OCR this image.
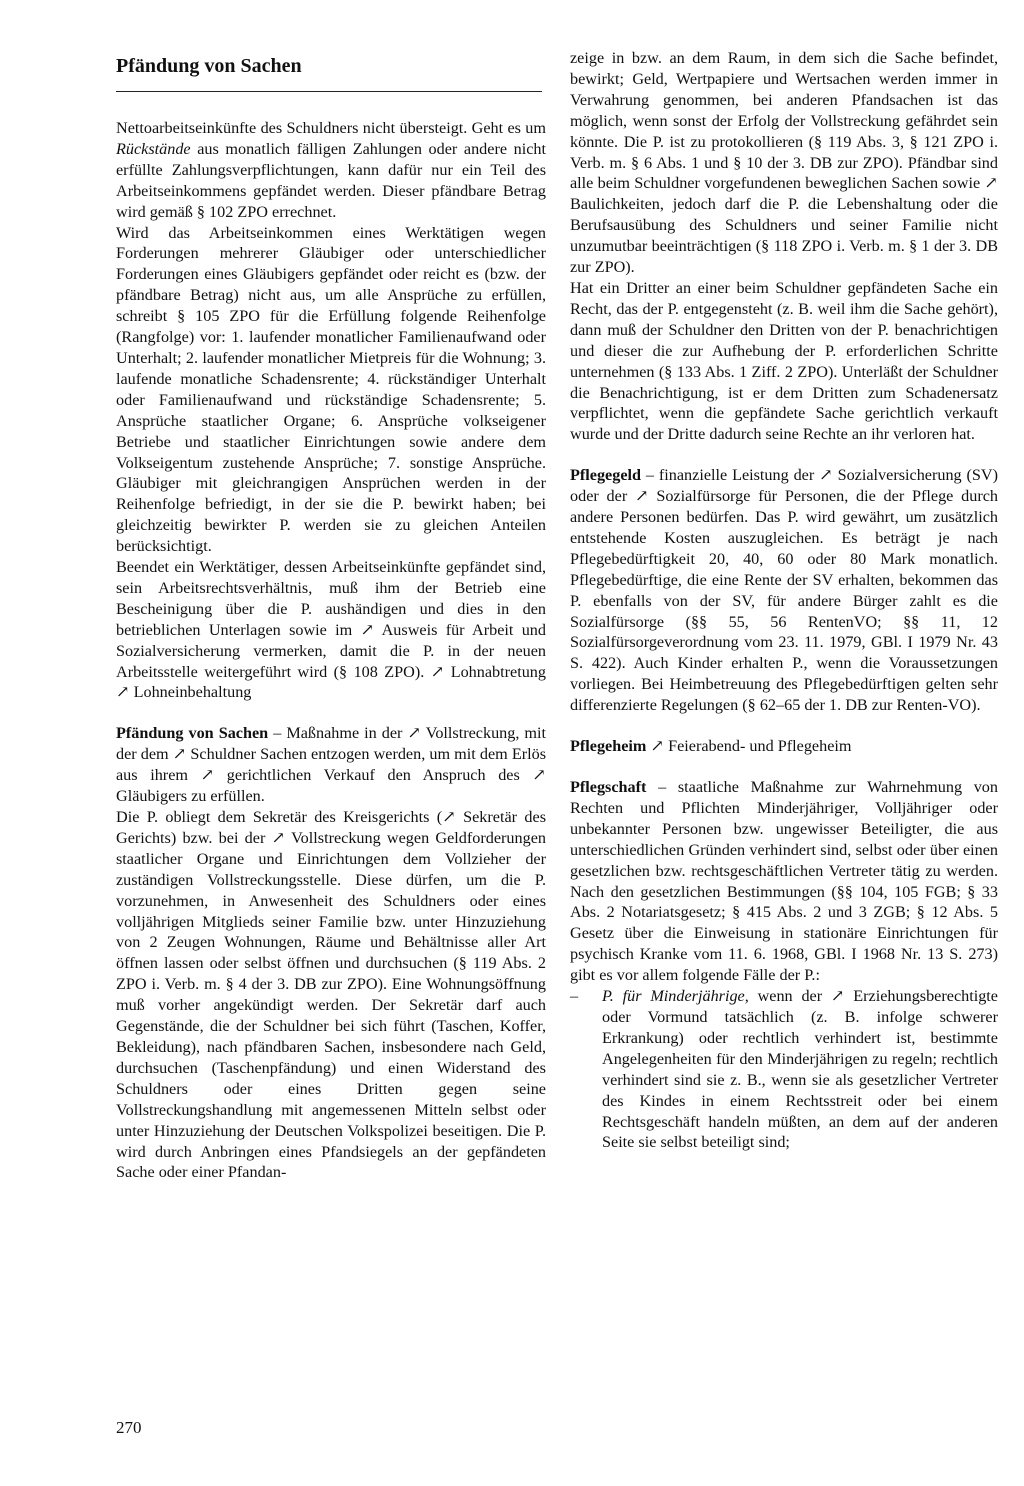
Pfändung von Sachen

Nettoarbeitseinkünfte des Schuldners nicht übersteigt. Geht es um Rückstände aus monatlich fälligen Zahlungen oder andere nicht erfüllte Zahlungsverpflichtungen, kann dafür nur ein Teil des Arbeitseinkommens gepfändet werden. Dieser pfändbare Betrag wird gemäß § 102 ZPO errechnet.

Wird das Arbeitseinkommen eines Werktätigen wegen Forderungen mehrerer Gläubiger oder unterschiedlicher Forderungen eines Gläubigers gepfändet oder reicht es (bzw. der pfändbare Betrag) nicht aus, um alle Ansprüche zu erfüllen, schreibt § 105 ZPO für die Erfüllung folgende Reihenfolge (Rangfolge) vor: 1. laufender monatlicher Familienaufwand oder Unterhalt; 2. laufender monatlicher Mietpreis für die Wohnung; 3. laufende monatliche Schadensrente; 4. rückständiger Unterhalt oder Familienaufwand und rückständige Schadensrente; 5. Ansprüche staatlicher Organe; 6. Ansprüche volkseigener Betriebe und staatlicher Einrichtungen sowie andere dem Volkseigentum zustehende Ansprüche; 7. sonstige Ansprüche. Gläubiger mit gleichrangigen Ansprüchen werden in der Reihenfolge befriedigt, in der sie die P. bewirkt haben; bei gleichzeitig bewirkter P. werden sie zu gleichen Anteilen berücksichtigt.

Beendet ein Werktätiger, dessen Arbeitseinkünfte gepfändet sind, sein Arbeitsrechtsverhältnis, muß ihm der Betrieb eine Bescheinigung über die P. aushändigen und dies in den betrieblichen Unterlagen sowie im ↗ Ausweis für Arbeit und Sozialversicherung vermerken, damit die P. in der neuen Arbeitsstelle weitergeführt wird (§ 108 ZPO). ↗ Lohnabtretung ↗ Lohneinbehaltung

Pfändung von Sachen – Maßnahme in der ↗ Vollstreckung, mit der dem ↗ Schuldner Sachen entzogen werden, um mit dem Erlös aus ihrem ↗ gerichtlichen Verkauf den Anspruch des ↗ Gläubigers zu erfüllen.

Die P. obliegt dem Sekretär des Kreisgerichts (↗ Sekretär des Gerichts) bzw. bei der ↗ Vollstreckung wegen Geldforderungen staatlicher Organe und Einrichtungen dem Vollzieher der zuständigen Vollstreckungsstelle. Diese dürfen, um die P. vorzunehmen, in Anwesenheit des Schuldners oder eines volljährigen Mitglieds seiner Familie bzw. unter Hinzuziehung von 2 Zeugen Wohnungen, Räume und Behältnisse aller Art öffnen lassen oder selbst öffnen und durchsuchen (§ 119 Abs. 2 ZPO i. Verb. m. § 4 der 3. DB zur ZPO). Eine Wohnungsöffnung muß vorher angekündigt werden. Der Sekretär darf auch Gegenstände, die der Schuldner bei sich führt (Taschen, Koffer, Bekleidung), nach pfändbaren Sachen, insbesondere nach Geld, durchsuchen (Taschenpfändung) und einen Widerstand des Schuldners oder eines Dritten gegen seine Vollstreckungshandlung mit angemessenen Mitteln selbst oder unter Hinzuziehung der Deutschen Volkspolizei beseitigen. Die P. wird durch Anbringen eines Pfandsiegels an der gepfändeten Sache oder einer Pfandan-

zeige in bzw. an dem Raum, in dem sich die Sache befindet, bewirkt; Geld, Wertpapiere und Wertsachen werden immer in Verwahrung genommen, bei anderen Pfandsachen ist das möglich, wenn sonst der Erfolg der Vollstreckung gefährdet sein könnte. Die P. ist zu protokollieren (§ 119 Abs. 3, § 121 ZPO i. Verb. m. § 6 Abs. 1 und § 10 der 3. DB zur ZPO). Pfändbar sind alle beim Schuldner vorgefundenen beweglichen Sachen sowie ↗ Baulichkeiten, jedoch darf die P. die Lebenshaltung oder die Berufsausübung des Schuldners und seiner Familie nicht unzumutbar beeinträchtigen (§ 118 ZPO i. Verb. m. § 1 der 3. DB zur ZPO).

Hat ein Dritter an einer beim Schuldner gepfändeten Sache ein Recht, das der P. entgegensteht (z. B. weil ihm die Sache gehört), dann muß der Schuldner den Dritten von der P. benachrichtigen und dieser die zur Aufhebung der P. erforderlichen Schritte unternehmen (§ 133 Abs. 1 Ziff. 2 ZPO). Unterläßt der Schuldner die Benachrichtigung, ist er dem Dritten zum Schadenersatz verpflichtet, wenn die gepfändete Sache gerichtlich verkauft wurde und der Dritte dadurch seine Rechte an ihr verloren hat.

Pflegegeld – finanzielle Leistung der ↗ Sozialversicherung (SV) oder der ↗ Sozialfürsorge für Personen, die der Pflege durch andere Personen bedürfen. Das P. wird gewährt, um zusätzlich entstehende Kosten auszugleichen. Es beträgt je nach Pflegebedürftigkeit 20, 40, 60 oder 80 Mark monatlich. Pflegebedürftige, die eine Rente der SV erhalten, bekommen das P. ebenfalls von der SV, für andere Bürger zahlt es die Sozialfürsorge (§§ 55, 56 RentenVO; §§ 11, 12 Sozialfürsorgeverordnung vom 23. 11. 1979, GBl. I 1979 Nr. 43 S. 422). Auch Kinder erhalten P., wenn die Voraussetzungen vorliegen. Bei Heimbetreuung des Pflegebedürftigen gelten sehr differenzierte Regelungen (§ 62–65 der 1. DB zur Renten-VO).

Pflegeheim ↗ Feierabend- und Pflegeheim

Pflegschaft – staatliche Maßnahme zur Wahrnehmung von Rechten und Pflichten Minderjähriger, Volljähriger oder unbekannter Personen bzw. ungewisser Beteiligter, die aus unterschiedlichen Gründen verhindert sind, selbst oder über einen gesetzlichen bzw. rechtsgeschäftlichen Vertreter tätig zu werden. Nach den gesetzlichen Bestimmungen (§§ 104, 105 FGB; § 33 Abs. 2 Notariatsgesetz; § 415 Abs. 2 und 3 ZGB; § 12 Abs. 5 Gesetz über die Einweisung in stationäre Einrichtungen für psychisch Kranke vom 11. 6. 1968, GBl. I 1968 Nr. 13 S. 273) gibt es vor allem folgende Fälle der P.:

–	P. für Minderjährige, wenn der ↗ Erziehungsberechtigte oder Vormund tatsächlich (z. B. infolge schwerer Erkrankung) oder rechtlich verhindert ist, bestimmte Angelegenheiten für den Minderjährigen zu regeln; rechtlich verhindert sind sie z. B., wenn sie als gesetzlicher Vertreter des Kindes in einem Rechtsstreit oder bei einem Rechtsgeschäft handeln müßten, an dem auf der anderen Seite sie selbst beteiligt sind;
270
